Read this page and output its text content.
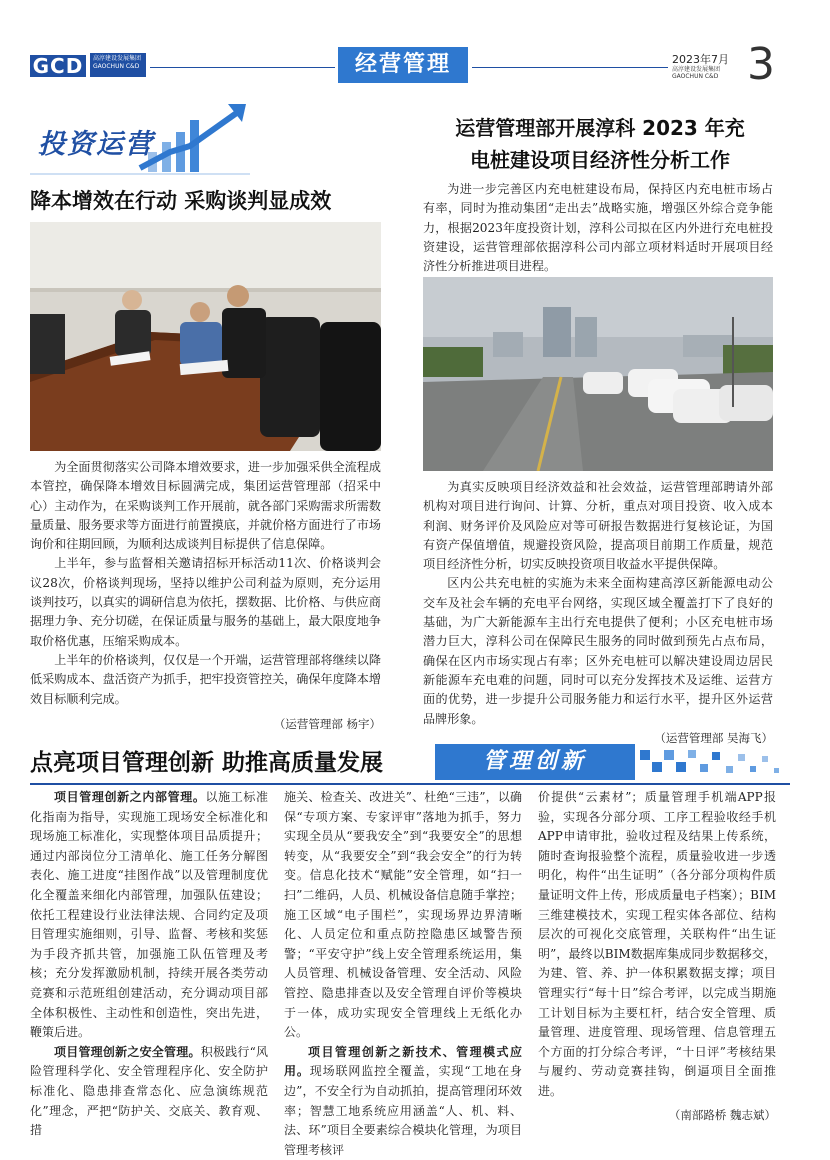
GCD	高淳建设发展集团
GAOCHUN C&D	经营管理	2023年7月
高淳建设发展集团
GAOCHUN C&D 3
投资运营
降本增效在行动 采购谈判显成效

为全面贯彻落实公司降本增效要求，进一步加强采供全流程成本管控，确保降本增效目标圆满完成，集团运营管理部（招采中心）主动作为，在采购谈判工作开展前，就各部门采购需求所需数量质量、服务要求等方面进行前置摸底，并就价格方面进行了市场询价和往期回顾，为顺利达成谈判目标提供了信息保障。

上半年，参与监督相关邀请招标开标活动11次、价格谈判会议28次，价格谈判现场，坚持以维护公司利益为原则，充分运用谈判技巧，以真实的调研信息为依托，摆数据、比价格、与供应商据理力争、充分切磋，在保证质量与服务的基础上，最大限度地争取价格优惠，压缩采购成本。

上半年的价格谈判，仅仅是一个开端，运营管理部将继续以降低采购成本、盘活资产为抓手，把牢投资管控关，确保年度降本增效目标顺利完成。

（运营管理部 杨宇）

运营管理部开展淳科 2023 年充
电桩建设项目经济性分析工作

为进一步完善区内充电桩建设布局，保持区内充电桩市场占有率，同时为推动集团“走出去”战略实施，增强区外综合竞争能力，根据2023年度投资计划，淳科公司拟在区内外进行充电桩投资建设，运营管理部依据淳科公司内部立项材料适时开展项目经济性分析推进项目进程。

为真实反映项目经济效益和社会效益，运营管理部聘请外部机构对项目进行询问、计算、分析，重点对项目投资、收入成本利润、财务评价及风险应对等可研报告数据进行复核论证，为国有资产保值增值，规避投资风险，提高项目前期工作质量，规范项目经济性分析，切实反映投资项目收益水平提供保障。

区内公共充电桩的实施为未来全面构建高淳区新能源电动公交车及社会车辆的充电平台网络，实现区域全覆盖打下了良好的基础，为广大新能源车主出行充电提供了便利；小区充电桩市场潜力巨大，淳科公司在保障民生服务的同时做到预先占点布局，确保在区内市场实现占有率；区外充电桩可以解决建设周边居民新能源车充电难的问题，同时可以充分发挥技术及运维、运营方面的优势，进一步提升公司服务能力和运行水平，提升区外运营品牌形象。

（运营管理部 吴海飞）

点亮项目管理创新 助推高质量发展	管理创新

项目管理创新之内部管理。以施工标准化指南为指导，实现施工现场安全标准化和现场施工标准化，实现整体项目品质提升；通过内部岗位分工清单化、施工任务分解图表化、施工进度“挂图作战”以及管理制度优化全覆盖来细化内部管理，加强队伍建设；依托工程建设行业法律法规、合同约定及项目管理实施细则，引导、监督、考核和奖惩为手段齐抓共管，加强施工队伍管理及考核；充分发挥激励机制，持续开展各类劳动竞赛和示范班组创建活动，充分调动项目部全体积极性、主动性和创造性，突出先进，鞭策后进。

项目管理创新之安全管理。积极践行“风险管理科学化、安全管理程序化、安全防护标准化、隐患排查常态化、应急演练规范化”理念，严把“防护关、交底关、教育观、措

施关、检查关、改进关”、杜绝“三违”，以确保“专项方案、专家评审”落地为抓手，努力实现全员从“要我安全”到“我要安全”的思想转变，从“我要安全”到“我会安全”的行为转变。信息化技术“赋能”安全管理，如“扫一扫”二维码，人员、机械设备信息随手掌控；施工区域“电子围栏”，实现场界边界清晰化、人员定位和重点防控隐患区域警告预警；“平安守护”线上安全管理系统运用，集人员管理、机械设备管理、安全活动、风险管控、隐患排查以及安全管理自评价等模块于一体，成功实现安全管理线上无纸化办公。

项目管理创新之新技术、管理模式应用。现场联网监控全覆盖，实现“工地在身边”，不安全行为自动抓拍，提高管理闭环效率；智慧工地系统应用涵盖“人、机、料、法、环”项目全要素综合模块化管理，为项目管理考核评

价提供“云素材”；质量管理手机端APP报验，实现各分部分项、工序工程验收经手机APP申请审批，验收过程及结果上传系统，随时查询报验整个流程，质量验收进一步透明化，构件“出生证明”（各分部分项构件质量证明文件上传，形成质量电子档案）；BIM三维建模技术，实现工程实体各部位、结构层次的可视化交底管理，关联构件“出生证明”，最终以BIM数据库集成同步数据移交，为建、管、养、护一体积累数据支撑；项目管理实行“每十日”综合考评，以完成当期施工计划目标为主要杠杆，结合安全管理、质量管理、进度管理、现场管理、信息管理五个方面的打分综合考评，“十日评”考核结果与履约、劳动竞赛挂钩，倒逼项目全面推进。

（南部路桥 魏志斌）
